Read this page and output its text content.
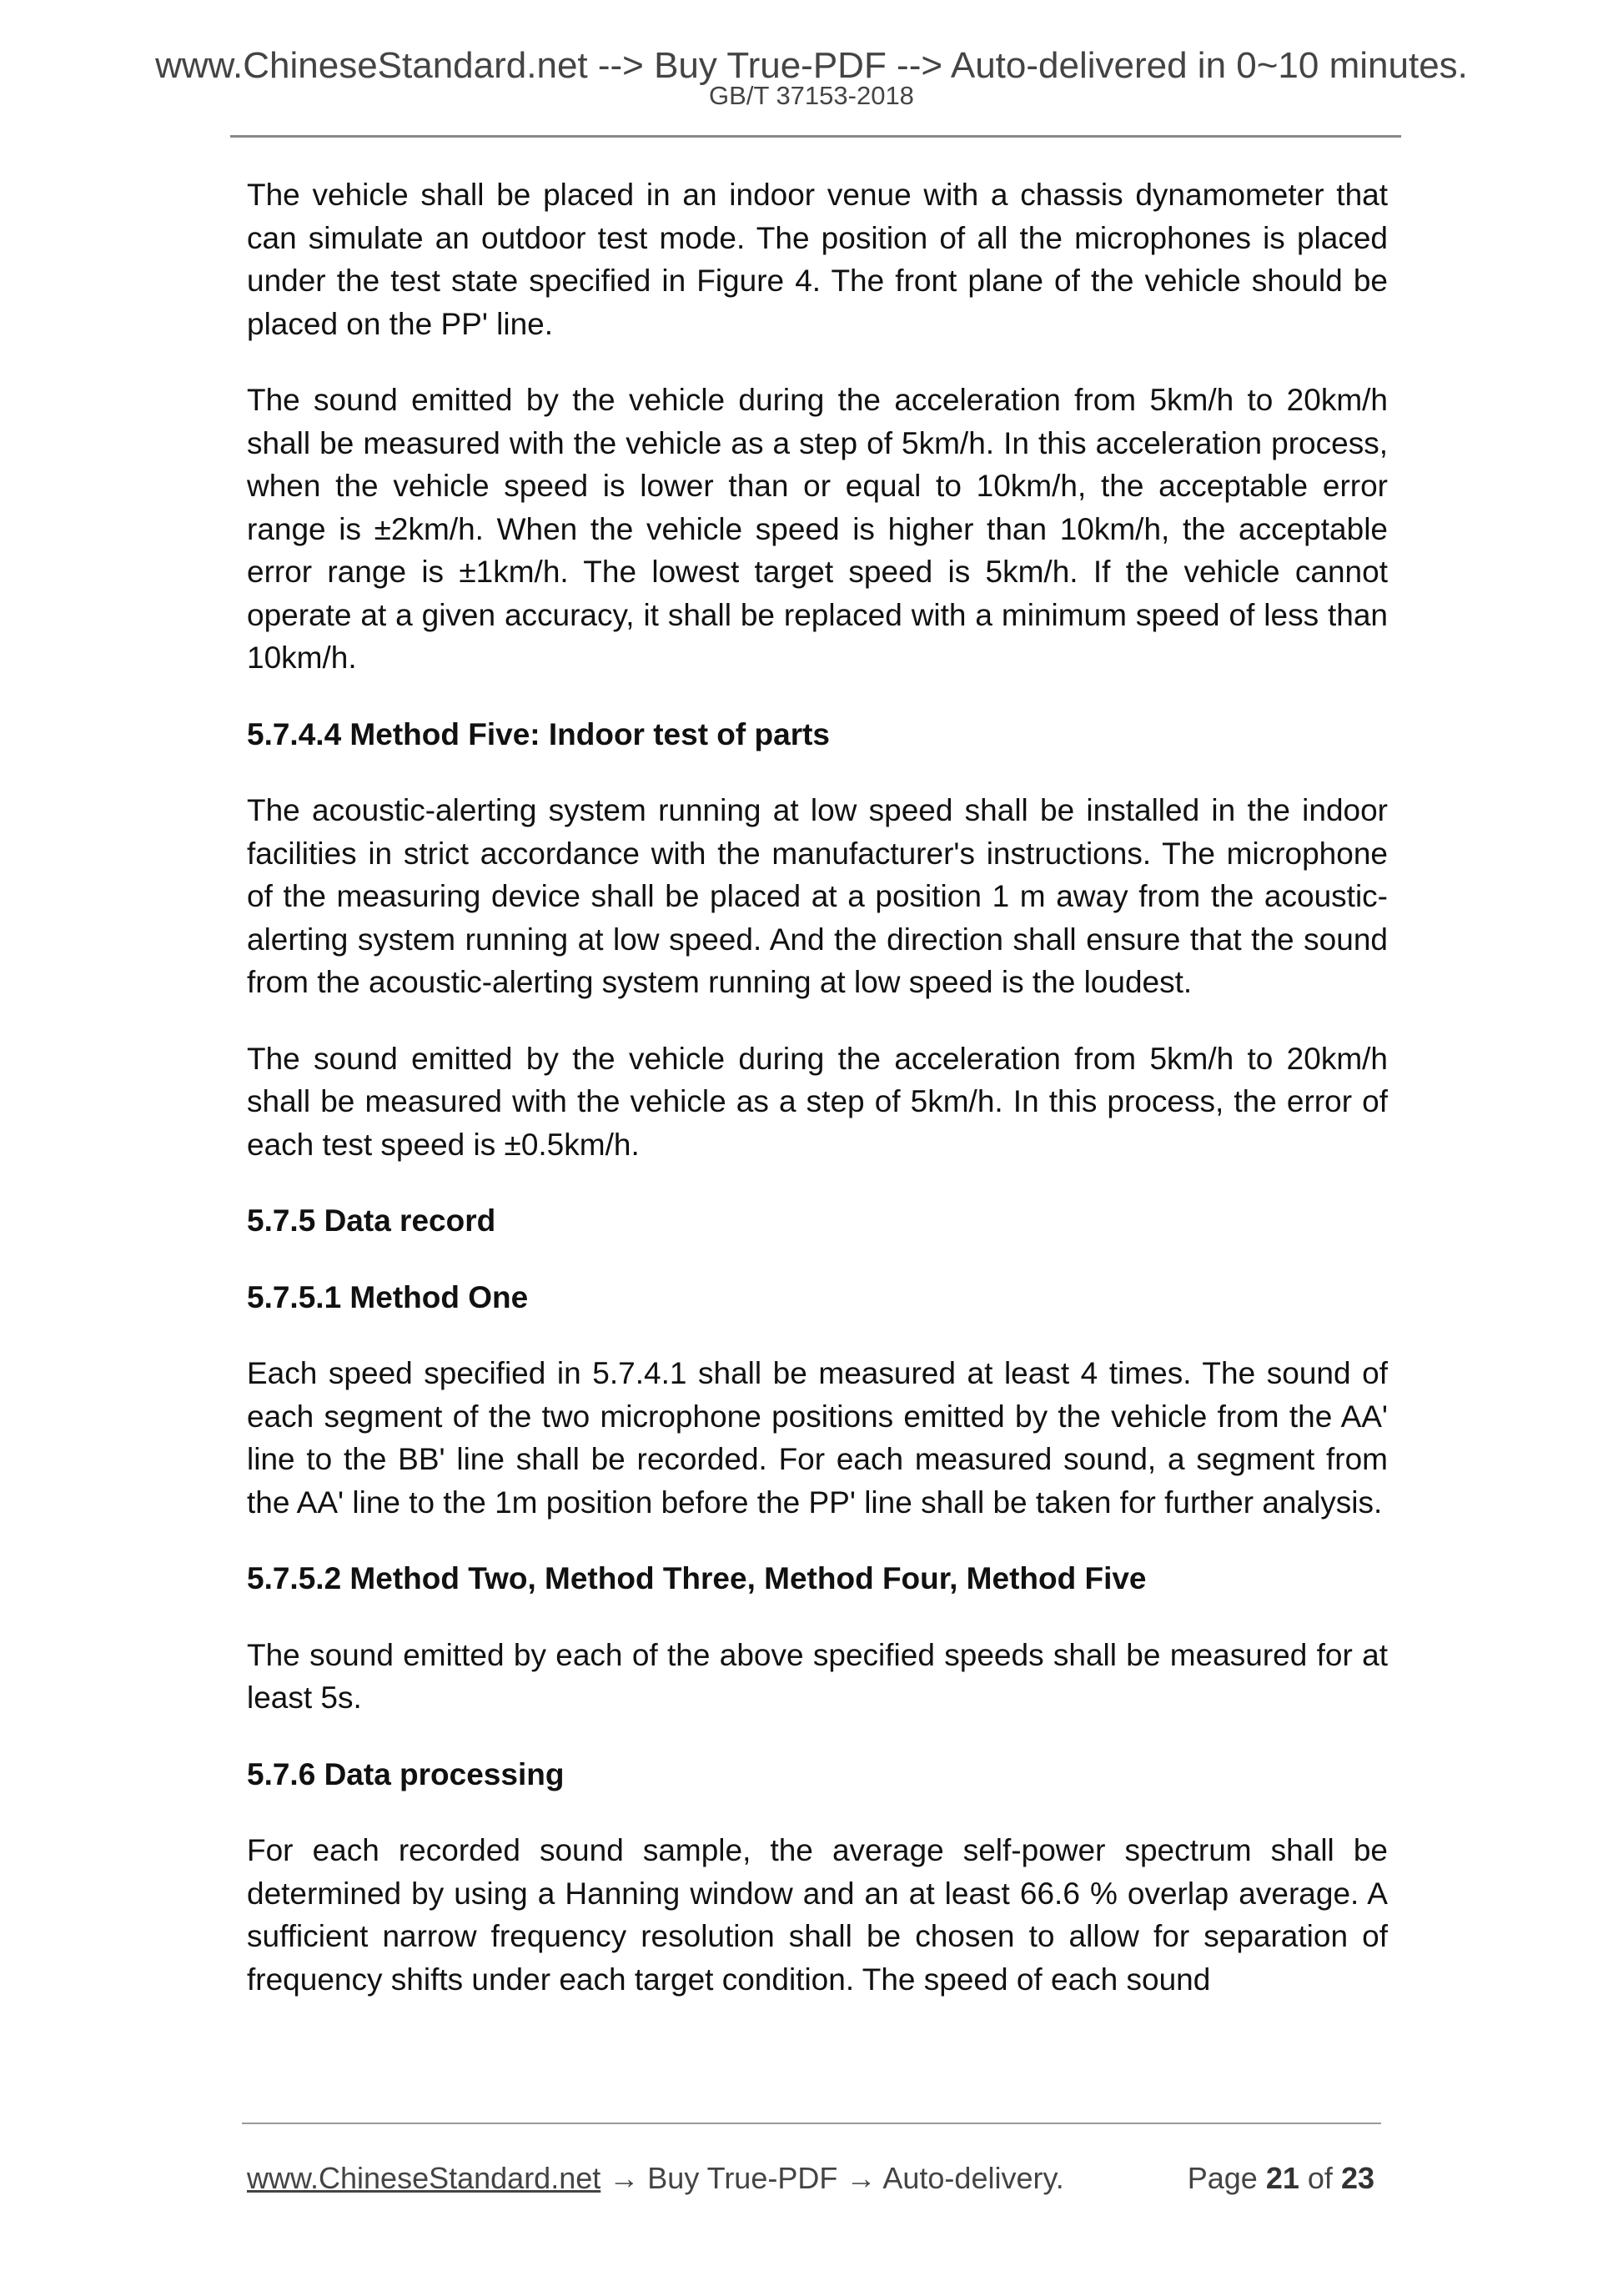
www.ChineseStandard.net --> Buy True-PDF --> Auto-delivered in 0~10 minutes.
GB/T 37153-2018

The vehicle shall be placed in an indoor venue with a chassis dynamometer that can simulate an outdoor test mode. The position of all the microphones is placed under the test state specified in Figure 4. The front plane of the vehicle should be placed on the PP' line.

The sound emitted by the vehicle during the acceleration from 5km/h to 20km/h shall be measured with the vehicle as a step of 5km/h. In this acceleration process, when the vehicle speed is lower than or equal to 10km/h, the acceptable error range is ±2km/h. When the vehicle speed is higher than 10km/h, the acceptable error range is ±1km/h. The lowest target speed is 5km/h. If the vehicle cannot operate at a given accuracy, it shall be replaced with a minimum speed of less than 10km/h.

5.7.4.4 Method Five: Indoor test of parts

The acoustic-alerting system running at low speed shall be installed in the indoor facilities in strict accordance with the manufacturer's instructions. The microphone of the measuring device shall be placed at a position 1 m away from the acoustic-alerting system running at low speed. And the direction shall ensure that the sound from the acoustic-alerting system running at low speed is the loudest.

The sound emitted by the vehicle during the acceleration from 5km/h to 20km/h shall be measured with the vehicle as a step of 5km/h. In this process, the error of each test speed is ±0.5km/h.

5.7.5 Data record
5.7.5.1 Method One

Each speed specified in 5.7.4.1 shall be measured at least 4 times. The sound of each segment of the two microphone positions emitted by the vehicle from the AA' line to the BB' line shall be recorded. For each measured sound, a segment from the AA' line to the 1m position before the PP' line shall be taken for further analysis.

5.7.5.2 Method Two, Method Three, Method Four, Method Five

The sound emitted by each of the above specified speeds shall be measured for at least 5s.

5.7.6 Data processing

For each recorded sound sample, the average self-power spectrum shall be determined by using a Hanning window and an at least 66.6 % overlap average. A sufficient narrow frequency resolution shall be chosen to allow for separation of frequency shifts under each target condition. The speed of each sound

www.ChineseStandard.net → Buy True-PDF → Auto-delivery.	Page 21 of 23
